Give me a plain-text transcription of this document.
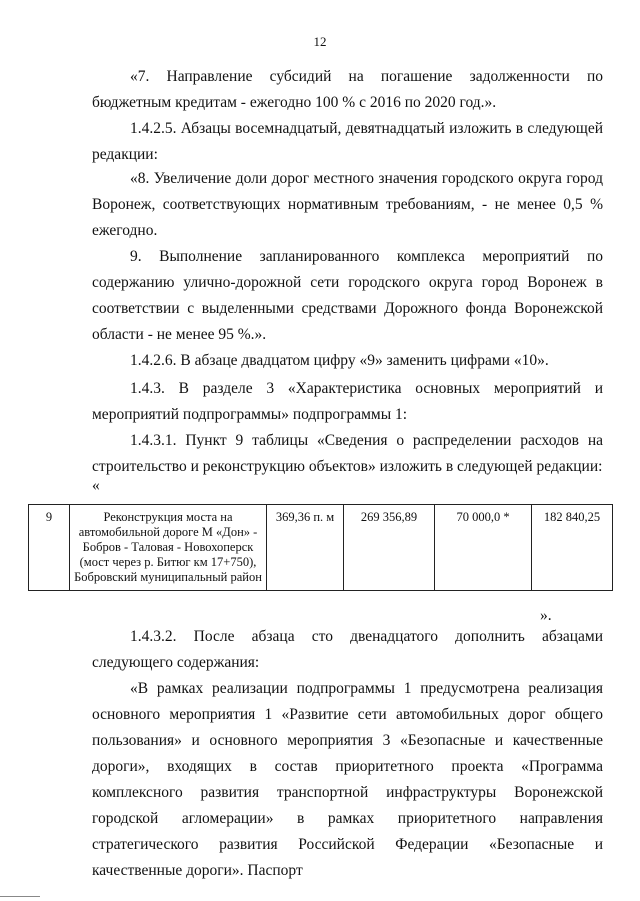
12

«7. Направление субсидий на погашение задолженности по бюджетным кредитам - ежегодно 100 % с 2016 по 2020 год.».

1.4.2.5. Абзацы восемнадцатый, девятнадцатый изложить в следующей редакции:

«8. Увеличение доли дорог местного значения городского округа город Воронеж, соответствующих нормативным требованиям, - не менее 0,5 % ежегодно.

9. Выполнение запланированного комплекса мероприятий по содержанию улично-дорожной сети городского округа город Воронеж в соответствии с выделенными средствами Дорожного фонда Воронежской области - не менее 95 %.».

1.4.2.6. В абзаце двадцатом цифру «9» заменить цифрами «10».

1.4.3. В разделе 3 «Характеристика основных мероприятий и мероприятий подпрограммы» подпрограммы 1:

1.4.3.1. Пункт 9 таблицы «Сведения о распределении расходов на строительство и реконструкцию объектов» изложить в следующей редакции:

«
9	Реконструкция моста на автомобильной дороге М «Дон» - Бобров - Таловая - Новохоперск (мост через р. Битюг км 17+750), Бобровский муниципальный район	369,36 п. м	269 356,89	70 000,0 *	182 840,25
».

1.4.3.2. После абзаца сто двенадцатого дополнить абзацами следующего содержания:

«В рамках реализации подпрограммы 1 предусмотрена реализация основного мероприятия 1 «Развитие сети автомобильных дорог общего пользования» и основного мероприятия 3 «Безопасные и качественные дороги», входящих в состав приоритетного проекта «Программа комплексного развития транспортной инфраструктуры Воронежской городской агломерации» в рамках приоритетного направления стратегического развития Российской Федерации «Безопасные и качественные дороги». Паспорт
